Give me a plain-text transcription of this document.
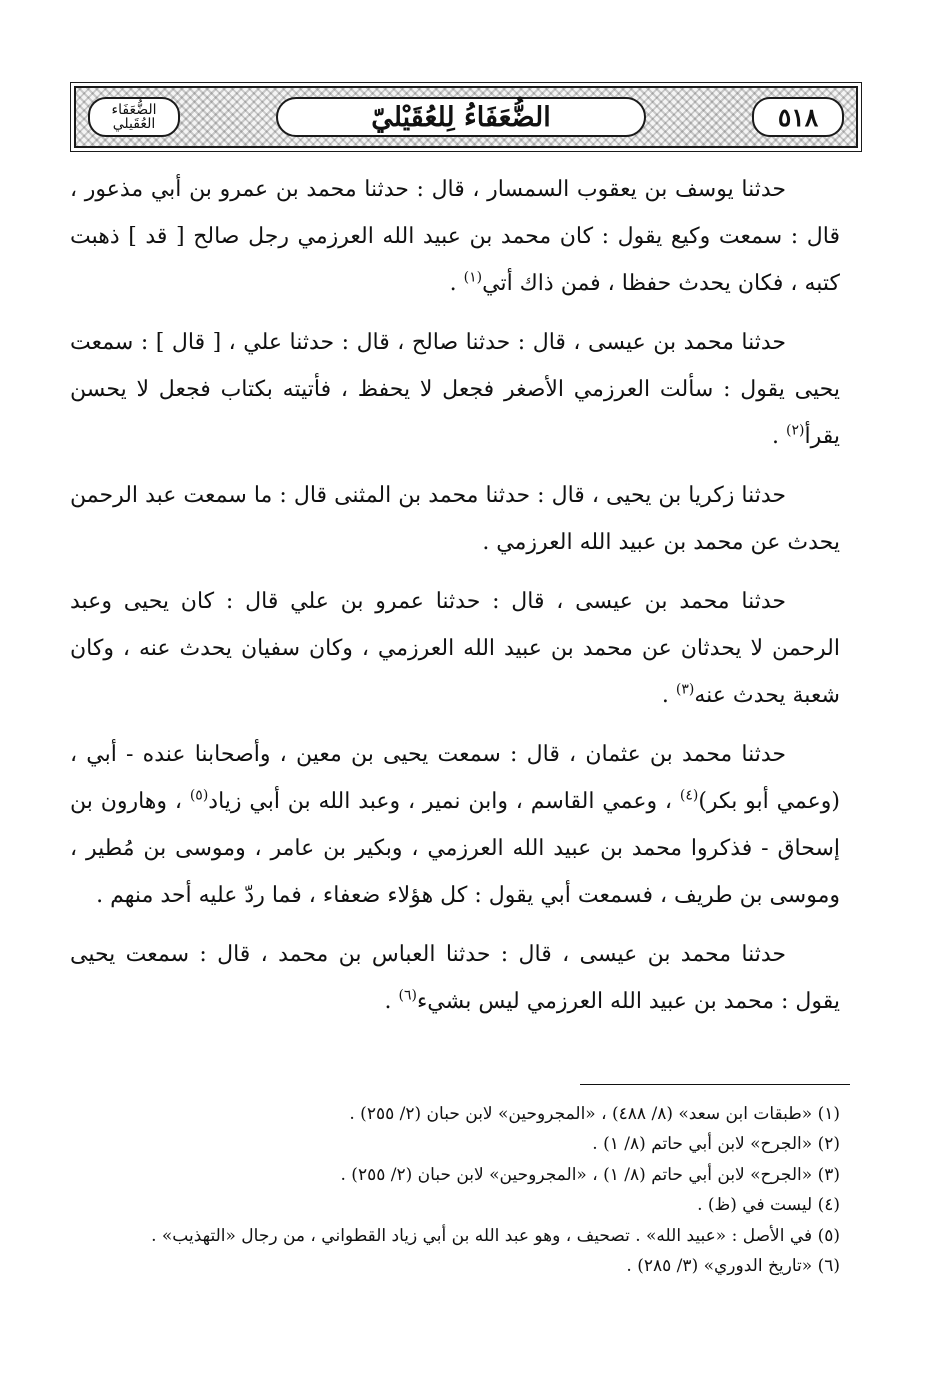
٥١٨
الضُّعَفَاءُ لِلعُقَيْليّ
الضُّعَفَاء
العُقَيلي

حدثنا يوسف بن يعقوب السمسار ، قال : حدثنا محمد بن عمرو بن أبي مذعور ، قال : سمعت وكيع يقول : كان محمد بن عبيد الله العرزمي رجل صالح [ قد ] ذهبت كتبه ، فكان يحدث حفظا ، فمن ذاك أتي$^{(١)}$ .

حدثنا محمد بن عيسى ، قال : حدثنا صالح ، قال : حدثنا علي ، [ قال ] : سمعت يحيى يقول : سألت العرزمي الأصغر فجعل لا يحفظ ، فأتيته بكتاب فجعل لا يحسن يقرأ$^{(٢)}$ .

حدثنا زكريا بن يحيى ، قال : حدثنا محمد بن المثنى قال : ما سمعت عبد الرحمن يحدث عن محمد بن عبيد الله العرزمي .

حدثنا محمد بن عيسى ، قال : حدثنا عمرو بن علي قال : كان يحيى وعبد الرحمن لا يحدثان عن محمد بن عبيد الله العرزمي ، وكان سفيان يحدث عنه ، وكان شعبة يحدث عنه$^{(٣)}$ .

حدثنا محمد بن عثمان ، قال : سمعت يحيى بن معين ، وأصحابنا عنده - أبي ، (وعمي أبو بكر)$^{(٤)}$ ، وعمي القاسم ، وابن نمير ، وعبد الله بن أبي زياد$^{(٥)}$ ، وهارون بن إسحاق - فذكروا محمد بن عبيد الله العرزمي ، وبكير بن عامر ، وموسى بن مُطير ، وموسى بن طريف ، فسمعت أبي يقول : كل هؤلاء ضعفاء ، فما ردّ عليه أحد منهم .

حدثنا محمد بن عيسى ، قال : حدثنا العباس بن محمد ، قال : سمعت يحيى يقول : محمد بن عبيد الله العرزمي ليس بشيء$^{(٦)}$ .

(١) «طبقات ابن سعد» (٨/ ٤٨٨) ، «المجروحين» لابن حبان (٢/ ٢٥٥) .
(٢) «الجرح» لابن أبي حاتم (٨/ ١) .
(٣) «الجرح» لابن أبي حاتم (٨/ ١) ، «المجروحين» لابن حبان (٢/ ٢٥٥) .
(٤) ليست في (ظ) .
(٥) في الأصل : «عبيد الله» . تصحيف ، وهو عبد الله بن أبي زياد القطواني ، من رجال «التهذيب» .
(٦) «تاريخ الدوري» (٣/ ٢٨٥) .
